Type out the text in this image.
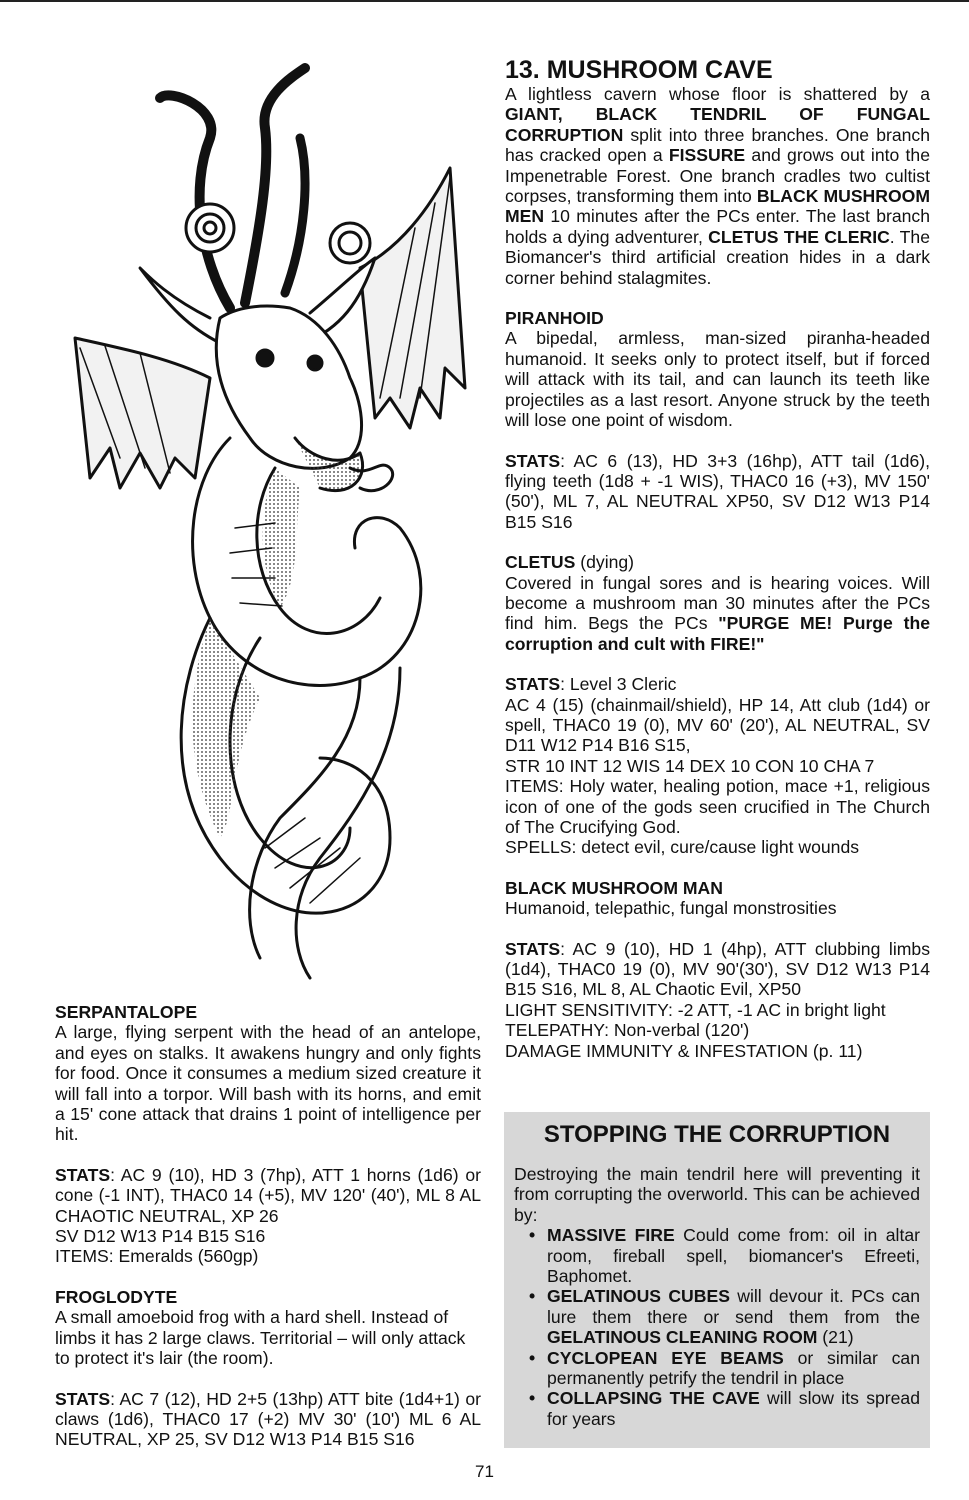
SERPANTALOPE

A large, flying serpent with the head of an antelope, and eyes on stalks. It awakens hungry and only fights for food. Once it consumes a medium sized creature it will fall into a torpor. Will bash with its horns, and emit a 15' cone attack that drains 1 point of intelligence per hit.

STATS: AC 9 (10), HD 3 (7hp), ATT 1 horns (1d6) or cone (-1 INT), THAC0 14 (+5), MV 120' (40'), ML 8 AL CHAOTIC NEUTRAL, XP 26

SV D12 W13 P14 B15 S16

ITEMS: Emeralds (560gp)

FROGLODYTE

A small amoeboid frog with a hard shell. Instead of limbs it has 2 large claws. Territorial – will only attack to protect it's lair (the room).

STATS: AC 7 (12), HD 2+5 (13hp) ATT bite (1d4+1) or claws (1d6), THAC0 17 (+2) MV 30' (10') ML 6 AL NEUTRAL, XP 25, SV D12 W13 P14 B15 S16

13. MUSHROOM CAVE

A lightless cavern whose floor is shattered by a GIANT, BLACK TENDRIL OF FUNGAL CORRUPTION split into three branches. One branch has cracked open a FISSURE and grows out into the Impenetrable Forest. One branch cradles two cultist corpses, transforming them into BLACK MUSHROOM MEN 10 minutes after the PCs enter. The last branch holds a dying adventurer, CLETUS THE CLERIC. The Biomancer's third artificial creation hides in a dark corner behind stalagmites.

PIRANHOID

A bipedal, armless, man-sized piranha-headed humanoid. It seeks only to protect itself, but if forced will attack with its tail, and can launch its teeth like projectiles as a last resort. Anyone struck by the teeth will lose one point of wisdom.

STATS: AC 6 (13), HD 3+3 (16hp), ATT tail (1d6), flying teeth (1d8 + -1 WIS), THAC0 16 (+3), MV 150' (50'), ML 7, AL NEUTRAL XP50, SV D12 W13 P14 B15 S16

CLETUS (dying)

Covered in fungal sores and is hearing voices. Will become a mushroom man 30 minutes after the PCs find him. Begs the PCs "PURGE ME! Purge the corruption and cult with FIRE!"

STATS: Level 3 Cleric

AC 4 (15) (chainmail/shield), HP 14, Att club (1d4) or spell, THAC0 19 (0), MV 60' (20'), AL NEUTRAL, SV D11 W12 P14 B16 S15,

STR 10 INT 12 WIS 14 DEX 10 CON 10 CHA 7

ITEMS: Holy water, healing potion, mace +1, religious icon of one of the gods seen crucified in The Church of The Crucifying God.

SPELLS: detect evil, cure/cause light wounds

BLACK MUSHROOM MAN

Humanoid, telepathic, fungal monstrosities

STATS: AC 9 (10), HD 1 (4hp), ATT clubbing limbs (1d4), THAC0 19 (0), MV 90'(30'), SV D12 W13 P14 B15 S16, ML 8, AL Chaotic Evil, XP50

LIGHT SENSITIVITY: -2 ATT, -1 AC in bright light

TELEPATHY: Non-verbal (120')

DAMAGE IMMUNITY & INFESTATION (p. 11)

STOPPING THE CORRUPTION

Destroying the main tendril here will preventing it from corrupting the overworld. This can be achieved by:

• MASSIVE FIRE Could come from: oil in altar room, fireball spell, biomancer's Efreeti, Baphomet.
• GELATINOUS CUBES will devour it. PCs can lure them there or send them from the GELATINOUS CLEANING ROOM (21)
• CYCLOPEAN EYE BEAMS or similar can permanently petrify the tendril in place
• COLLAPSING THE CAVE will slow its spread for years
71
